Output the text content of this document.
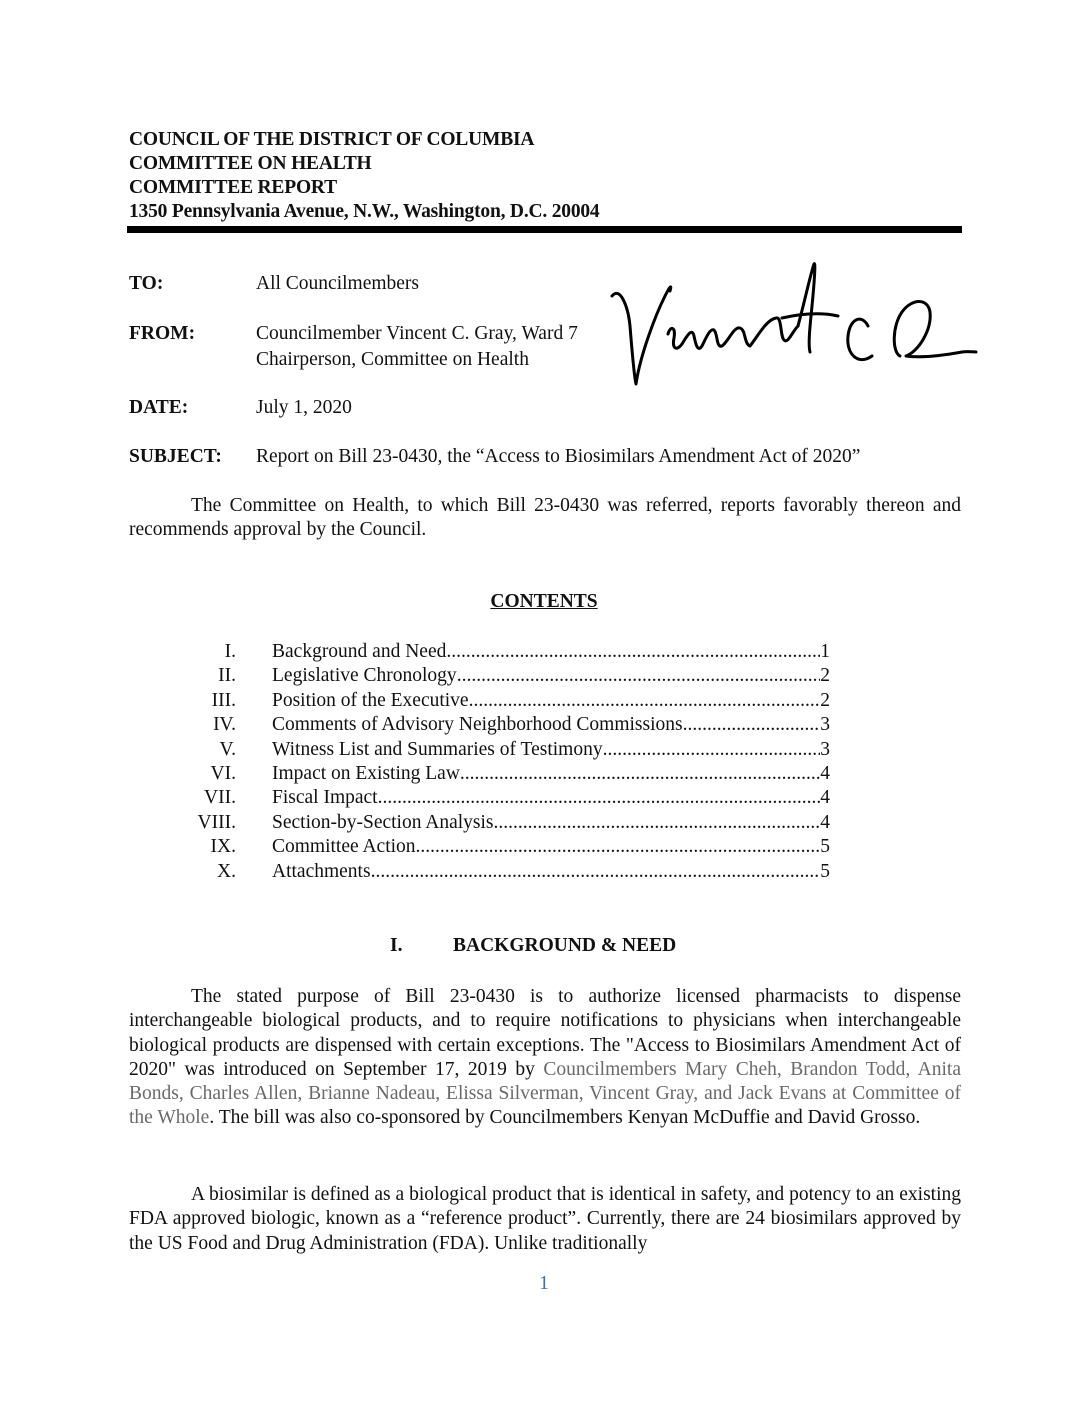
COUNCIL OF THE DISTRICT OF COLUMBIA
COMMITTEE ON HEALTH
COMMITTEE REPORT
1350 Pennsylvania Avenue, N.W., Washington, D.C. 20004
TO:	All Councilmembers
FROM:	Councilmember Vincent C. Gray, Ward 7
Chairperson, Committee on Health
DATE:	July 1, 2020
SUBJECT: Report on Bill 23-0430, the “Access to Biosimilars Amendment Act of 2020”
The Committee on Health, to which Bill 23-0430 was referred, reports favorably thereon and recommends approval by the Council.
CONTENTS
I. Background and Need .....	1
II. Legislative Chronology .....	2
III. Position of the Executive .....	2
IV. Comments of Advisory Neighborhood Commissions .....	3
V. Witness List and Summaries of Testimony .....	3
VI. Impact on Existing Law .....	4
VII. Fiscal Impact .....	4
VIII. Section-by-Section Analysis .....	4
IX. Committee Action .....	5
X. Attachments .....	5
I.	BACKGROUND & NEED
The stated purpose of Bill 23-0430 is to authorize licensed pharmacists to dispense interchangeable biological products, and to require notifications to physicians when interchangeable biological products are dispensed with certain exceptions. The "Access to Biosimilars Amendment Act of 2020" was introduced on September 17, 2019 by Councilmembers Mary Cheh, Brandon Todd, Anita Bonds, Charles Allen, Brianne Nadeau, Elissa Silverman, Vincent Gray, and Jack Evans at Committee of the Whole. The bill was also co-sponsored by Councilmembers Kenyan McDuffie and David Grosso.
A biosimilar is defined as a biological product that is identical in safety, and potency to an existing FDA approved biologic, known as a “reference product”. Currently, there are 24 biosimilars approved by the US Food and Drug Administration (FDA). Unlike traditionally
1
